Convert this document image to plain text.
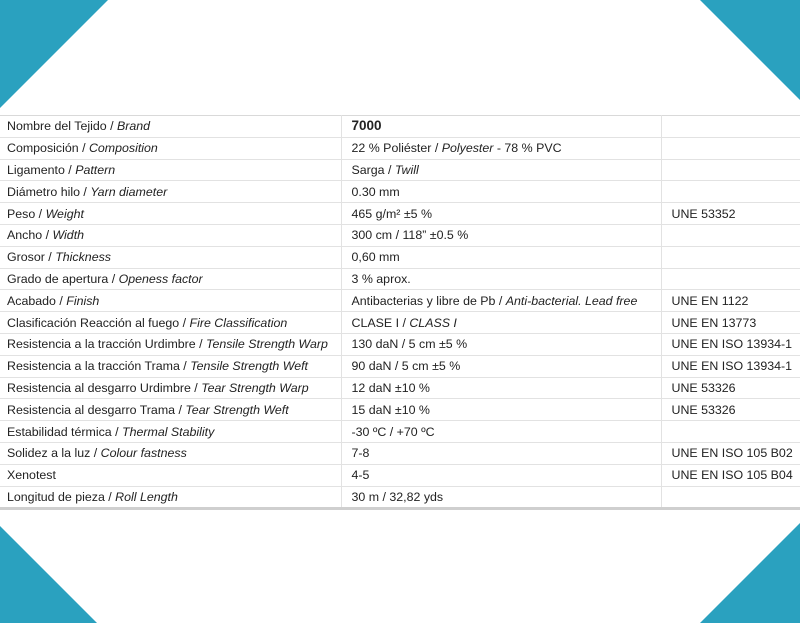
Nombre del Tejido / Brand	7000	
Composición / Composition	22 % Poliéster / Polyester - 78 % PVC	
Ligamento / Pattern	Sarga / Twill	
Diámetro hilo / Yarn diameter	0.30 mm	
Peso / Weight	465 g/m² ±5 %	UNE 53352
Ancho / Width	300 cm / 118” ±0.5 %	
Grosor / Thickness	0,60 mm	
Grado de apertura / Openess factor	3 % aprox.	
Acabado / Finish	Antibacterias y libre de Pb / Anti-bacterial. Lead free	UNE EN 1122
Clasificación Reacción al fuego / Fire Classification	CLASE I / CLASS I	UNE EN 13773
Resistencia a la tracción Urdimbre / Tensile Strength Warp	130 daN / 5 cm ±5 %	UNE EN ISO 13934-1
Resistencia a la tracción Trama / Tensile Strength Weft	90 daN / 5 cm ±5 %	UNE EN ISO 13934-1
Resistencia al desgarro Urdimbre / Tear Strength Warp	12 daN ±10 %	UNE 53326
Resistencia al desgarro Trama / Tear Strength Weft	15 daN ±10 %	UNE 53326
Estabilidad térmica / Thermal Stability	-30 ºC / +70 ºC	
Solidez a la luz / Colour fastness	7-8	UNE EN ISO 105 B02
Xenotest	4-5	UNE EN ISO 105 B04
Longitud de pieza / Roll Length	30 m / 32,82 yds	
